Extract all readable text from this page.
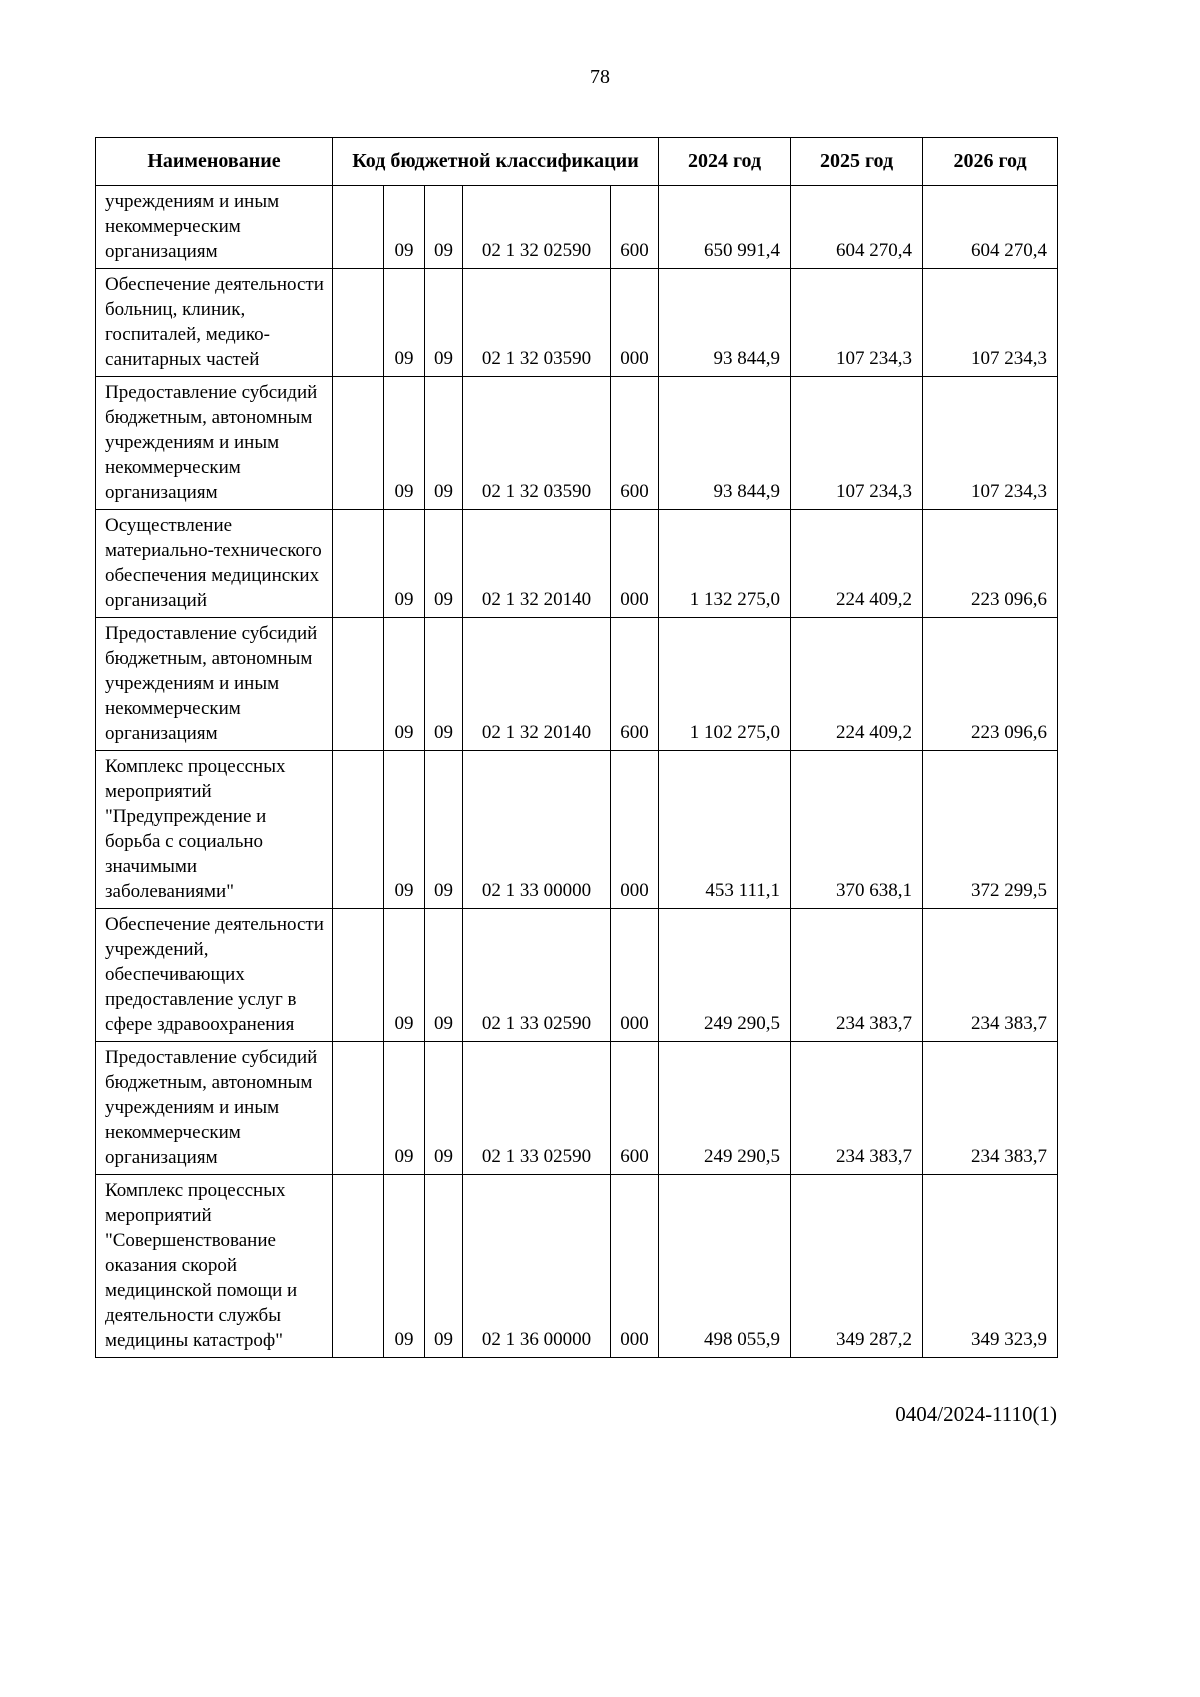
78
Наименование	Код бюджетной классификации					2024 год	2025 год	2026 год
учреждениям и иным некоммерческим организациям		09	09	02 1 32 02590	600	650 991,4	604 270,4	604 270,4
Обеспечение деятельности больниц, клиник, госпиталей, медико-санитарных частей		09	09	02 1 32 03590	000	93 844,9	107 234,3	107 234,3
Предоставление субсидий бюджетным, автономным учреждениям и иным некоммерческим организациям		09	09	02 1 32 03590	600	93 844,9	107 234,3	107 234,3
Осуществление материально-технического обеспечения медицинских организаций		09	09	02 1 32 20140	000	1 132 275,0	224 409,2	223 096,6
Предоставление субсидий бюджетным, автономным учреждениям и иным некоммерческим организациям		09	09	02 1 32 20140	600	1 102 275,0	224 409,2	223 096,6
Комплекс процессных мероприятий "Предупреждение и борьба с социально значимыми заболеваниями"		09	09	02 1 33 00000	000	453 111,1	370 638,1	372 299,5
Обеспечение деятельности учреждений, обеспечивающих предоставление услуг в сфере здравоохранения		09	09	02 1 33 02590	000	249 290,5	234 383,7	234 383,7
Предоставление субсидий бюджетным, автономным учреждениям и иным некоммерческим организациям		09	09	02 1 33 02590	600	249 290,5	234 383,7	234 383,7
Комплекс процессных мероприятий "Совершенствование оказания скорой медицинской помощи и деятельности службы медицины катастроф"		09	09	02 1 36 00000	000	498 055,9	349 287,2	349 323,9
0404/2024-1110(1)
